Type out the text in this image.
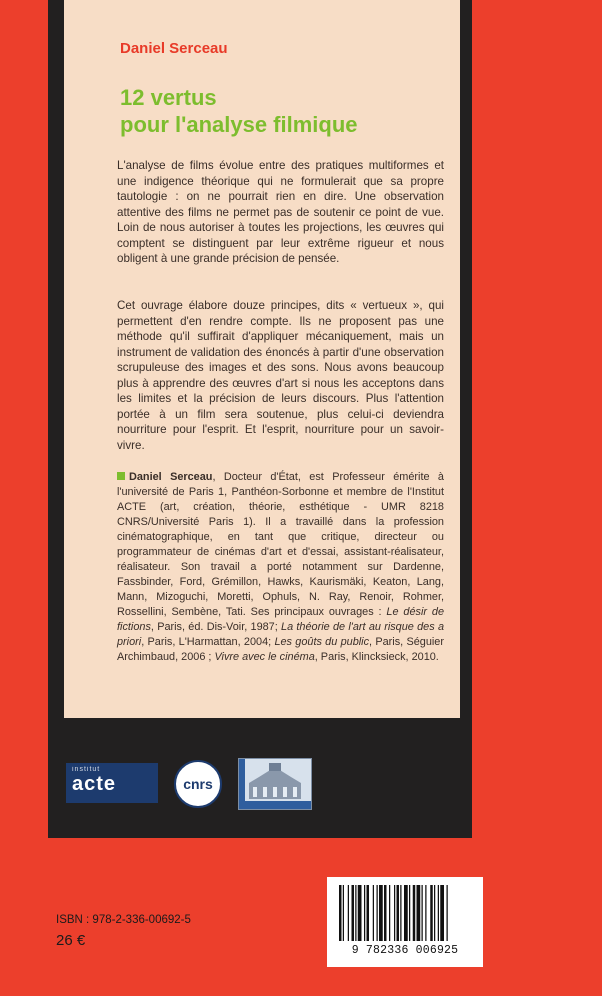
Daniel Serceau
12 vertus
pour l'analyse filmique

L'analyse de films évolue entre des pratiques multiformes et une indigence théorique qui ne formulerait que sa propre tautologie : on ne pourrait rien en dire. Une observation attentive des films ne permet pas de soutenir ce point de vue. Loin de nous autoriser à toutes les projections, les œuvres qui comptent se distinguent par leur extrême rigueur et nous obligent à une grande précision de pensée.

Cet ouvrage élabore douze principes, dits « vertueux », qui permettent d'en rendre compte. Ils ne proposent pas une méthode qu'il suffirait d'appliquer mécaniquement, mais un instrument de validation des énoncés à partir d'une observation scrupuleuse des images et des sons. Nous avons beaucoup plus à apprendre des œuvres d'art si nous les acceptons dans les limites et la précision de leurs discours. Plus l'attention portée à un film sera soutenue, plus celui-ci deviendra nourriture pour l'esprit. Et l'esprit, nourriture pour un savoir-vivre.

Daniel Serceau, Docteur d'État, est Professeur émérite à l'université de Paris 1, Panthéon-Sorbonne et membre de l'Institut ACTE (art, création, théorie, esthétique - UMR 8218 CNRS/Université Paris 1). Il a travaillé dans la profession cinématographique, en tant que critique, directeur ou programmateur de cinémas d'art et d'essai, assistant-réalisateur, réalisateur. Son travail a porté notamment sur Dardenne, Fassbinder, Ford, Grémillon, Hawks, Kaurismäki, Keaton, Lang, Mann, Mizoguchi, Moretti, Ophuls, N. Ray, Renoir, Rohmer, Rossellini, Sembène, Tati. Ses principaux ouvrages : Le désir de fictions, Paris, éd. Dis-Voir, 1987; La théorie de l'art au risque des a priori, Paris, L'Harmattan, 2004; Les goûts du public, Paris, Séguier Archimbaud, 2006 ; Vivre avec le cinéma, Paris, Klincksieck, 2010.

institut
acte	cnrs
ISBN : 978-2-336-00692-5
26 €
9 782336 006925
